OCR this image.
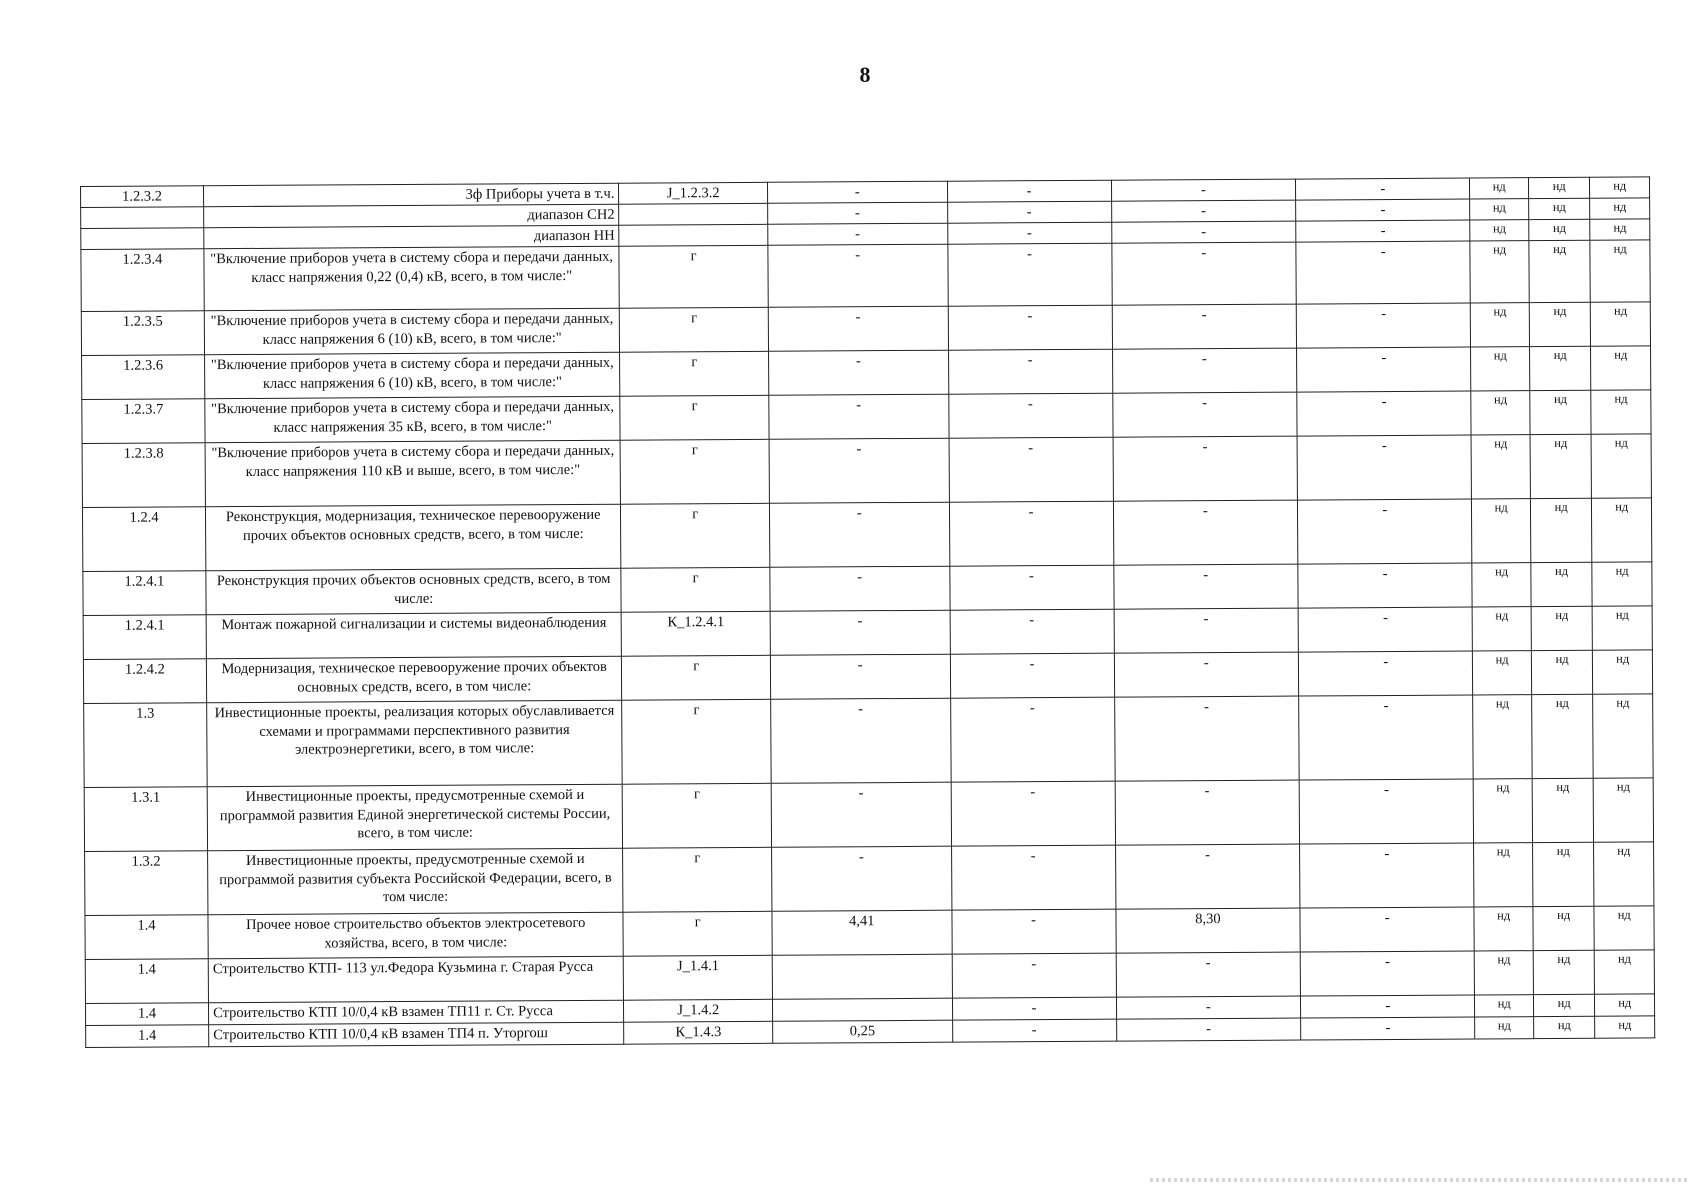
8
1.2.3.2	3ф Приборы учета в т.ч.	J_1.2.3.2	-	-	-	-	нд	нд	нд
	диапазон СН2		-	-	-	-	нд	нд	нд
	диапазон НН		-	-	-	-	нд	нд	нд
1.2.3.4	"Включение приборов учета в систему сбора и передачи данных, класс напряжения 0,22 (0,4) кВ, всего, в том числе:"	г	-	-	-	-	нд	нд	нд
1.2.3.5	"Включение приборов учета в систему сбора и передачи данных, класс напряжения 6 (10) кВ, всего, в том числе:"	г	-	-	-	-	нд	нд	нд
1.2.3.6	"Включение приборов учета в систему сбора и передачи данных, класс напряжения 6 (10) кВ, всего, в том числе:"	г	-	-	-	-	нд	нд	нд
1.2.3.7	"Включение приборов учета в систему сбора и передачи данных, класс напряжения 35 кВ, всего, в том числе:"	г	-	-	-	-	нд	нд	нд
1.2.3.8	"Включение приборов учета в систему сбора и передачи данных, класс напряжения 110 кВ и выше, всего, в том числе:"	г	-	-	-	-	нд	нд	нд
1.2.4	Реконструкция, модернизация, техническое перевооружение прочих объектов основных средств, всего, в том числе:	г	-	-	-	-	нд	нд	нд
1.2.4.1	Реконструкция прочих объектов основных средств, всего, в том числе:	г	-	-	-	-	нд	нд	нд
1.2.4.1	Монтаж пожарной сигнализации и системы видеонаблюдения	К_1.2.4.1	-	-	-	-	нд	нд	нд
1.2.4.2	Модернизация, техническое перевооружение прочих объектов основных средств, всего, в том числе:	г	-	-	-	-	нд	нд	нд
1.3	Инвестиционные проекты, реализация которых обуславливается схемами и программами перспективного развития электроэнергетики, всего, в том числе:	г	-	-	-	-	нд	нд	нд
1.3.1	Инвестиционные проекты, предусмотренные схемой и программой развития Единой энергетической системы России, всего, в том числе:	г	-	-	-	-	нд	нд	нд
1.3.2	Инвестиционные проекты, предусмотренные схемой и программой развития субъекта Российской Федерации, всего, в том числе:	г	-	-	-	-	нд	нд	нд
1.4	Прочее новое строительство объектов электросетевого хозяйства, всего, в том числе:	г	4,41	-	8,30	-	нд	нд	нд
1.4	Строительство КТП- 113 ул.Федора Кузьмина г. Старая Русса	J_1.4.1		-	-	-	нд	нд	нд
1.4	Строительство КТП 10/0,4 кВ взамен ТП11 г. Ст. Русса	J_1.4.2		-	-	-	нд	нд	нд
1.4	Строительство КТП 10/0,4 кВ взамен ТП4 п. Уторгош	К_1.4.3	0,25	-	-	-	нд	нд	нд
